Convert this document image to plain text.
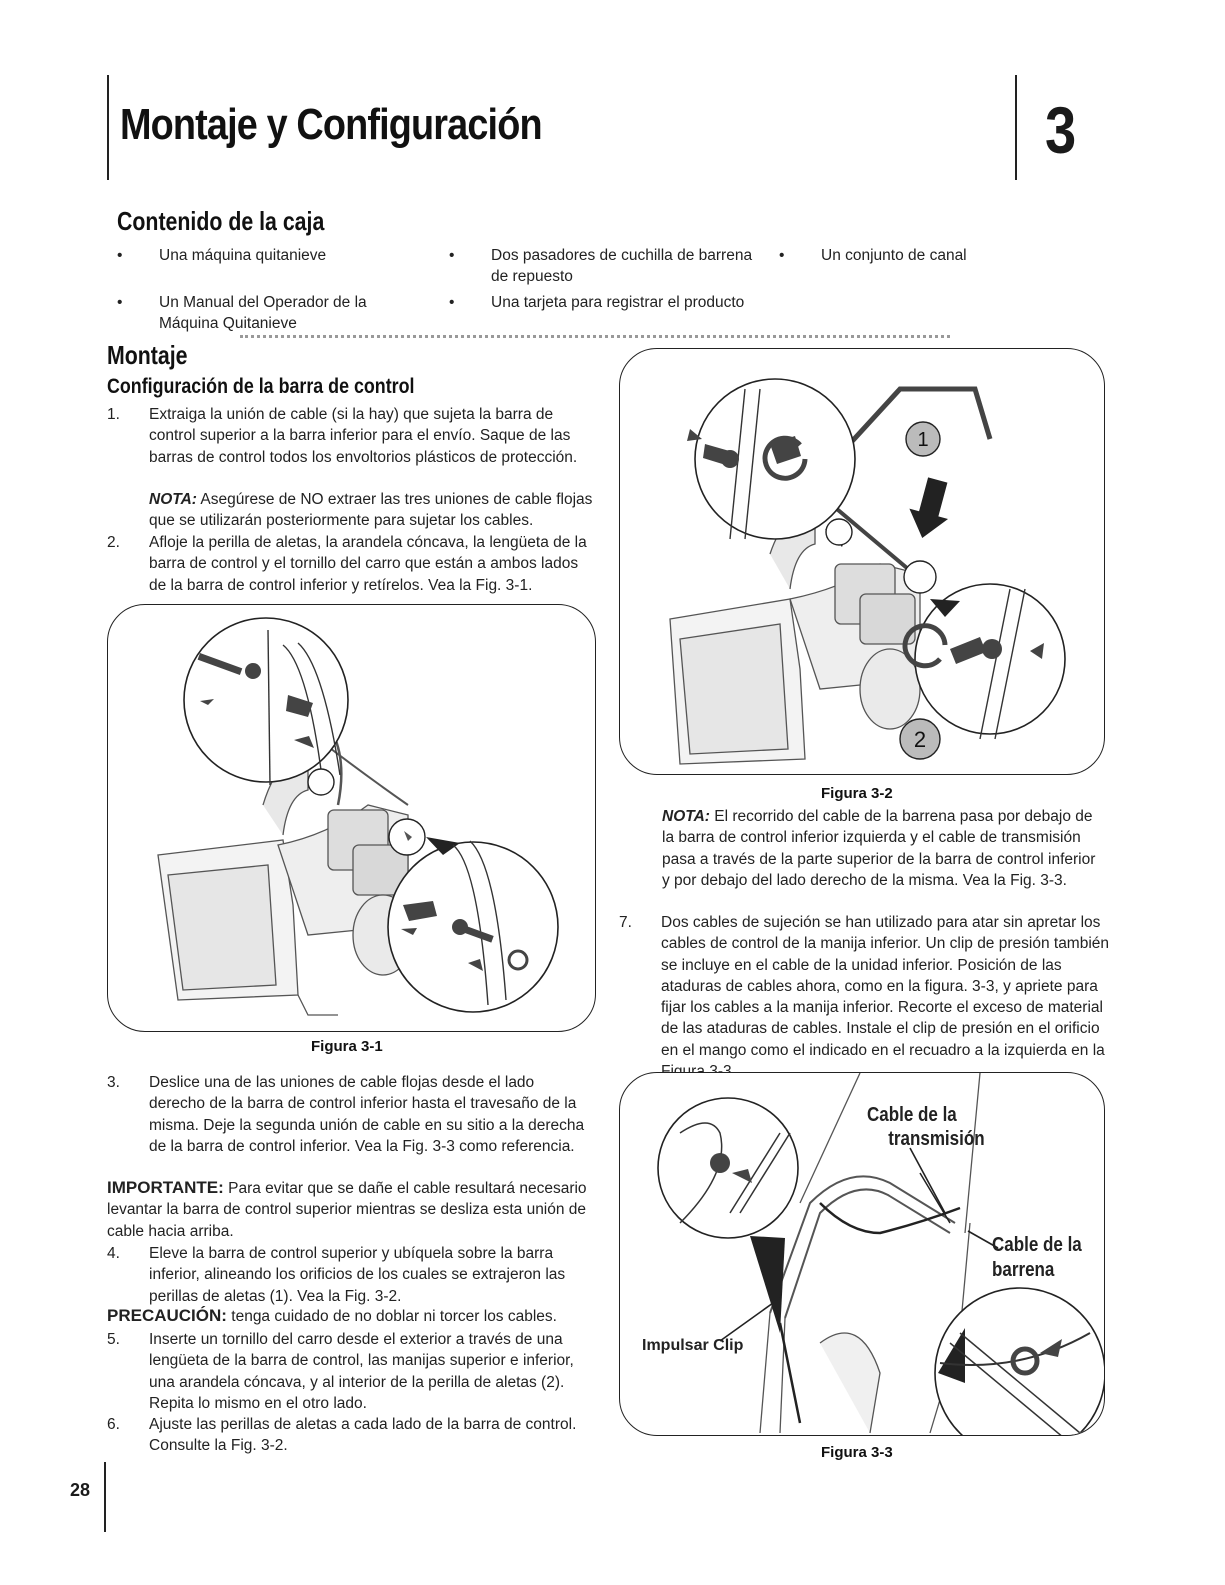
Montaje y Configuración	3
Contenido de la caja
• Una máquina quitanieve	• Dos pasadores de cuchilla de barrena de repuesto
• Un conjunto de canal
• Un Manual del Operador de la Máquina Quitanieve
• Una tarjeta para registrar el producto
Montaje
Configuración de la barra de control
1. Extraiga la unión de cable (si la hay) que sujeta la barra de control superior a la barra inferior para el envío. Saque de las barras de control todos los envoltorios plásticos de protección.
NOTA: Asegúrese de NO extraer las tres uniones de cable flojas que se utilizarán posteriormente para sujetar los cables.
2. Afloje la perilla de aletas, la arandela cóncava, la lengüeta de la barra de control y el tornillo del carro que están a ambos lados de la barra de control inferior y retírelos. Vea la Fig. 3-1.
Figura 3-1
3. Deslice una de las uniones de cable flojas desde el lado derecho de la barra de control inferior hasta el travesaño de la misma. Deje la segunda unión de cable en su sitio a la derecha de la barra de control inferior. Vea la Fig. 3-3 como referencia.
IMPORTANTE: Para evitar que se dañe el cable resultará necesario levantar la barra de control superior mientras se desliza esta unión de cable hacia arriba.
4. Eleve la barra de control superior y ubíquela sobre la barra inferior, alineando los orificios de los cuales se extrajeron las perillas de aletas (1). Vea la Fig. 3-2.
PRECAUCIÓN: tenga cuidado de no doblar ni torcer los cables.
5. Inserte un tornillo del carro desde el exterior a través de una lengüeta de la barra de control, las manijas superior e inferior, una arandela cóncava, y al interior de la perilla de aletas (2). Repita lo mismo en el otro lado.
6. Ajuste las perillas de aletas a cada lado de la barra de control. Consulte la Fig. 3-2.
1
2
Figura 3-2
NOTA: El recorrido del cable de la barrena pasa por debajo de la barra de control inferior izquierda y el cable de transmisión pasa a través de la parte superior de la barra de control inferior y por debajo del lado derecho de la misma. Vea la Fig. 3-3.
7. Dos cables de sujeción se han utilizado para atar sin apretar los cables de control de la manija inferior. Un clip de presión también se incluye en el cable de la unidad inferior. Posición de las ataduras de cables ahora, como en la figura. 3-3, y apriete para fijar los cables a la manija inferior. Recorte el exceso de material de las ataduras de cables. Instale el clip de presión en el orificio en el mango como el indicado en el recuadro a la izquierda en la
Cable de la
transmisión
Cable de la
barrena
Impulsar Clip
Figura 3-3
28
